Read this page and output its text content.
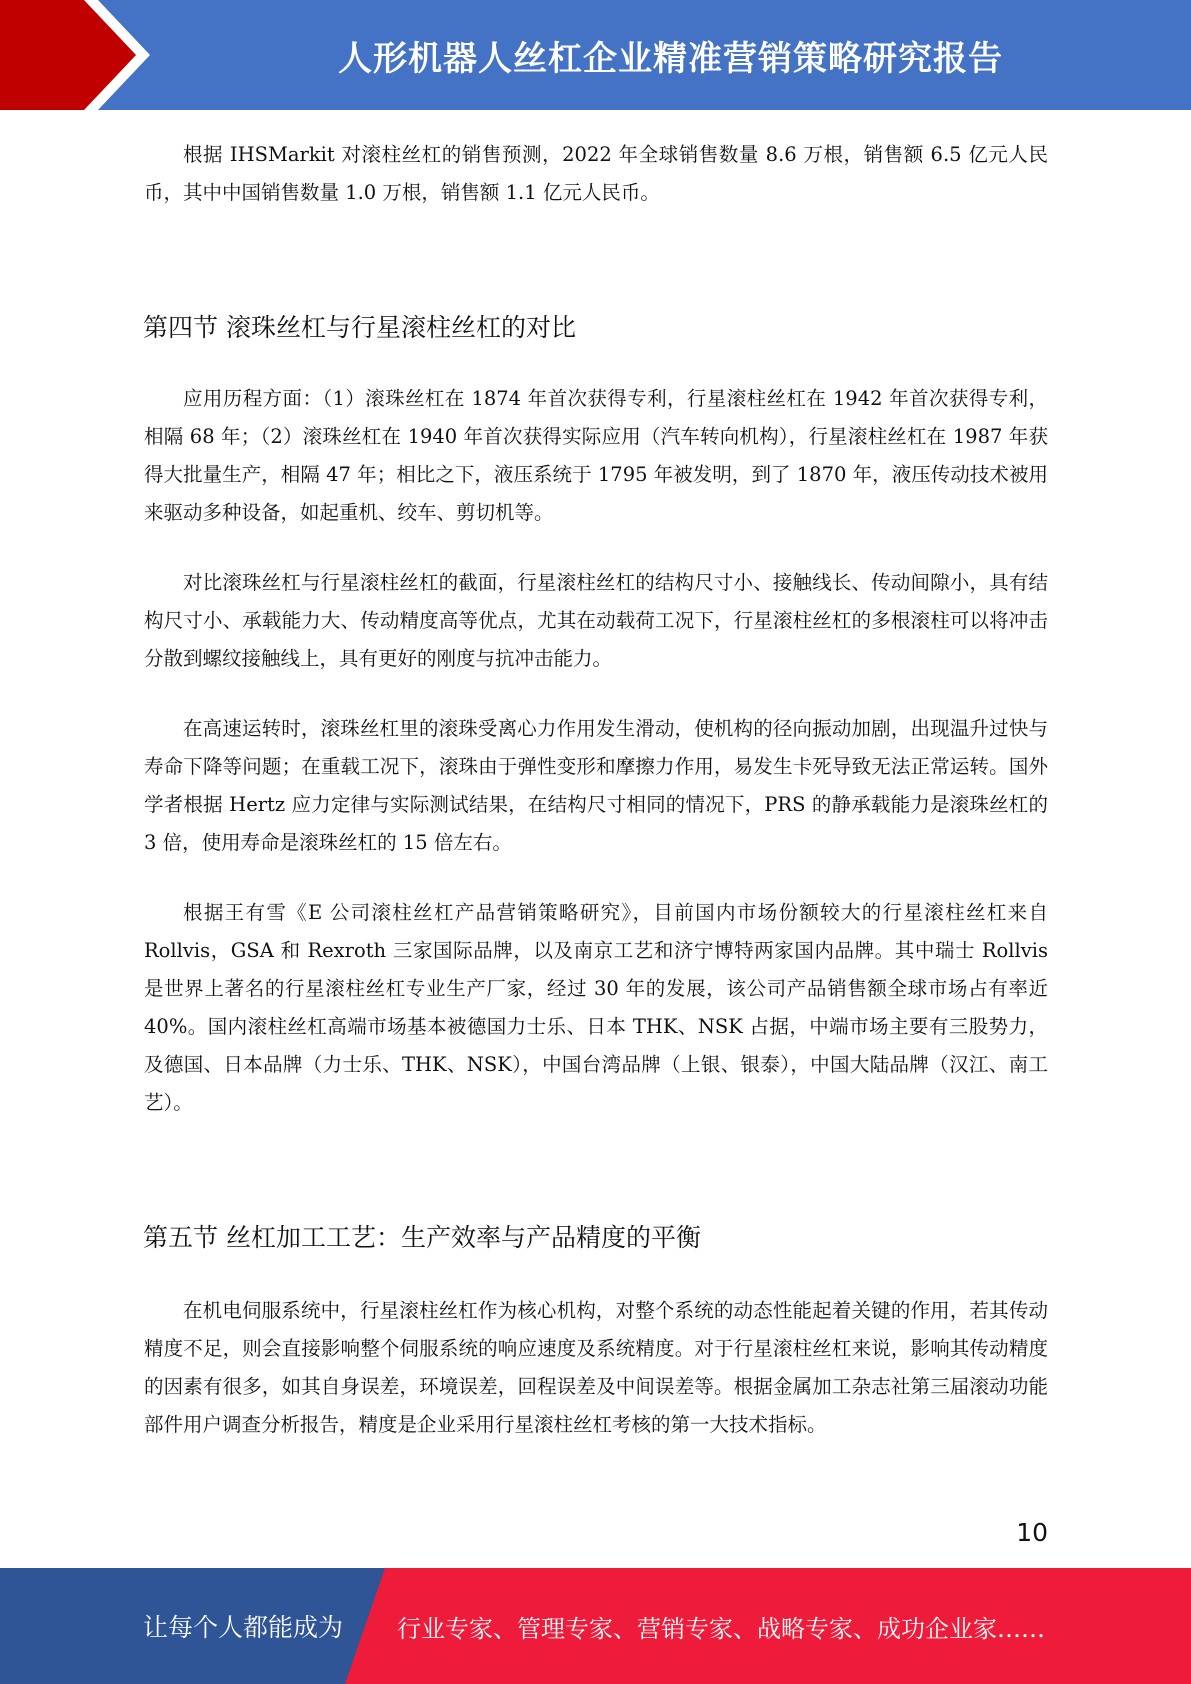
人形机器人丝杠企业精准营销策略研究报告

根据 IHSMarkit 对滚柱丝杠的销售预测，2022 年全球销售数量 8.6 万根，销售额 6.5 亿元人民币，其中中国销售数量 1.0 万根，销售额 1.1 亿元人民币。

第四节 滚珠丝杠与行星滚柱丝杠的对比

应用历程方面：（1）滚珠丝杠在 1874 年首次获得专利，行星滚柱丝杠在 1942 年首次获得专利，相隔 68 年；（2）滚珠丝杠在 1940 年首次获得实际应用（汽车转向机构），行星滚柱丝杠在 1987 年获得大批量生产，相隔 47 年；相比之下，液压系统于 1795 年被发明，到了 1870 年，液压传动技术被用来驱动多种设备，如起重机、绞车、剪切机等。

对比滚珠丝杠与行星滚柱丝杠的截面，行星滚柱丝杠的结构尺寸小、接触线长、传动间隙小，具有结构尺寸小、承载能力大、传动精度高等优点，尤其在动载荷工况下，行星滚柱丝杠的多根滚柱可以将冲击分散到螺纹接触线上，具有更好的刚度与抗冲击能力。

在高速运转时，滚珠丝杠里的滚珠受离心力作用发生滑动，使机构的径向振动加剧，出现温升过快与寿命下降等问题；在重载工况下，滚珠由于弹性变形和摩擦力作用，易发生卡死导致无法正常运转。国外学者根据 Hertz 应力定律与实际测试结果，在结构尺寸相同的情况下，PRS 的静承载能力是滚珠丝杠的 3 倍，使用寿命是滚珠丝杠的 15 倍左右。

根据王有雪《E 公司滚柱丝杠产品营销策略研究》，目前国内市场份额较大的行星滚柱丝杠来自 Rollvis，GSA 和 Rexroth 三家国际品牌，以及南京工艺和济宁博特两家国内品牌。其中瑞士 Rollvis 是世界上著名的行星滚柱丝杠专业生产厂家，经过 30 年的发展，该公司产品销售额全球市场占有率近 40%。国内滚柱丝杠高端市场基本被德国力士乐、日本 THK、NSK 占据，中端市场主要有三股势力，及德国、日本品牌（力士乐、THK、NSK），中国台湾品牌（上银、银泰），中国大陆品牌（汉江、南工艺）。

第五节 丝杠加工工艺：生产效率与产品精度的平衡

在机电伺服系统中，行星滚柱丝杠作为核心机构，对整个系统的动态性能起着关键的作用，若其传动精度不足，则会直接影响整个伺服系统的响应速度及系统精度。对于行星滚柱丝杠来说，影响其传动精度的因素有很多，如其自身误差，环境误差，回程误差及中间误差等。根据金属加工杂志社第三届滚动功能部件用户调查分析报告，精度是企业采用行星滚柱丝杠考核的第一大技术指标。

10
让每个人都能成为 行业专家、管理专家、营销专家、战略专家、成功企业家……
